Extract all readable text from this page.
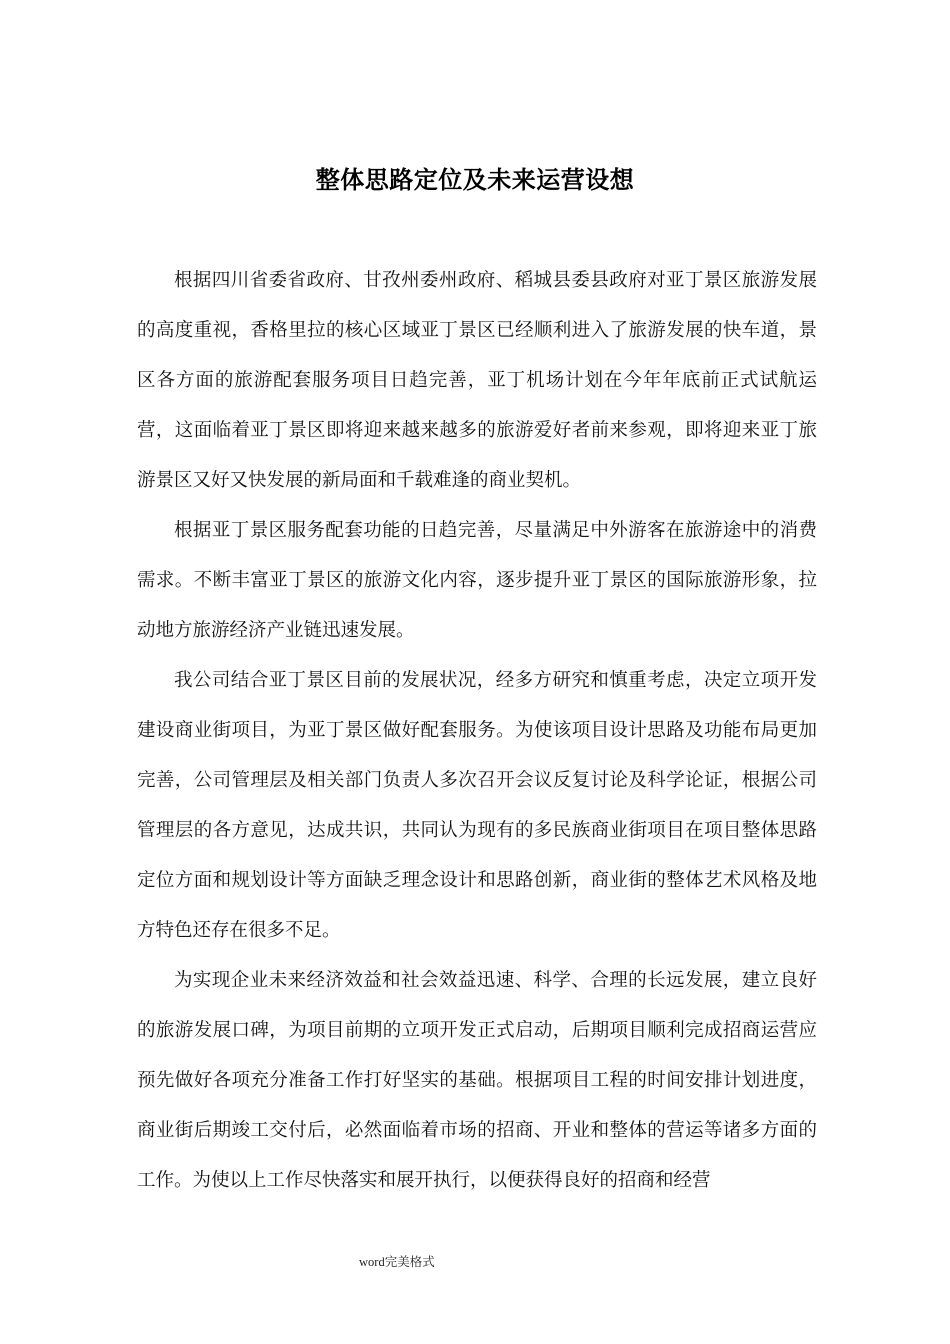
整体思路定位及未来运营设想

根据四川省委省政府、甘孜州委州政府、稻城县委县政府对亚丁景区旅游发展的高度重视，香格里拉的核心区域亚丁景区已经顺利进入了旅游发展的快车道，景区各方面的旅游配套服务项目日趋完善，亚丁机场计划在今年年底前正式试航运营，这面临着亚丁景区即将迎来越来越多的旅游爱好者前来参观，即将迎来亚丁旅游景区又好又快发展的新局面和千载难逢的商业契机。

根据亚丁景区服务配套功能的日趋完善，尽量满足中外游客在旅游途中的消费需求。不断丰富亚丁景区的旅游文化内容，逐步提升亚丁景区的国际旅游形象，拉动地方旅游经济产业链迅速发展。

我公司结合亚丁景区目前的发展状况，经多方研究和慎重考虑，决定立项开发建设商业街项目，为亚丁景区做好配套服务。为使该项目设计思路及功能布局更加完善，公司管理层及相关部门负责人多次召开会议反复讨论及科学论证，根据公司管理层的各方意见，达成共识，共同认为现有的多民族商业街项目在项目整体思路定位方面和规划设计等方面缺乏理念设计和思路创新，商业街的整体艺术风格及地方特色还存在很多不足。

为实现企业未来经济效益和社会效益迅速、科学、合理的长远发展，建立良好的旅游发展口碑，为项目前期的立项开发正式启动，后期项目顺利完成招商运营应预先做好各项充分准备工作打好坚实的基础。根据项目工程的时间安排计划进度，商业街后期竣工交付后，必然面临着市场的招商、开业和整体的营运等诸多方面的工作。为使以上工作尽快落实和展开执行，以便获得良好的招商和经营

word完美格式
